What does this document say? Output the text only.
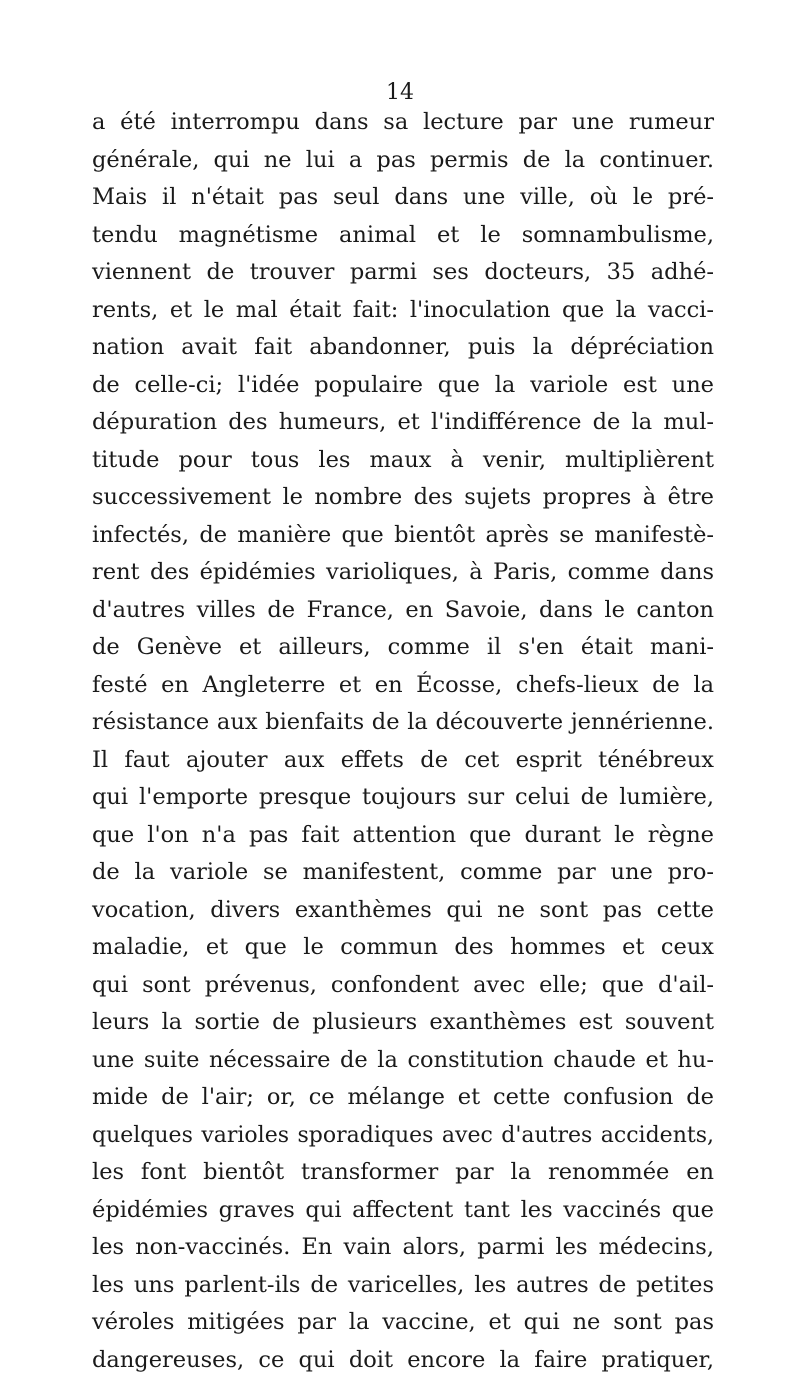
14
a été interrompu dans sa lecture par une rumeur
générale, qui ne lui a pas permis de la continuer.
Mais il n'était pas seul dans une ville, où le pré-
tendu magnétisme animal et le somnambulisme,
viennent de trouver parmi ses docteurs, 35 adhé-
rents, et le mal était fait: l'inoculation que la vacci-
nation avait fait abandonner, puis la dépréciation
de celle-ci; l'idée populaire que la variole est une
dépuration des humeurs, et l'indifférence de la mul-
titude pour tous les maux à venir, multiplièrent
successivement le nombre des sujets propres à être
infectés, de manière que bientôt après se manifestè-
rent des épidémies varioliques, à Paris, comme dans
d'autres villes de France, en Savoie, dans le canton
de Genève et ailleurs, comme il s'en était mani-
festé en Angleterre et en Écosse, chefs-lieux de la
résistance aux bienfaits de la découverte jennérienne.
Il faut ajouter aux effets de cet esprit ténébreux
qui l'emporte presque toujours sur celui de lumière,
que l'on n'a pas fait attention que durant le règne
de la variole se manifestent, comme par une pro-
vocation, divers exanthèmes qui ne sont pas cette
maladie, et que le commun des hommes et ceux
qui sont prévenus, confondent avec elle; que d'ail-
leurs la sortie de plusieurs exanthèmes est souvent
une suite nécessaire de la constitution chaude et hu-
mide de l'air; or, ce mélange et cette confusion de
quelques varioles sporadiques avec d'autres accidents,
les font bientôt transformer par la renommée en
épidémies graves qui affectent tant les vaccinés que
les non-vaccinés. En vain alors, parmi les médecins,
les uns parlent-ils de varicelles, les autres de petites
véroles mitigées par la vaccine, et qui ne sont pas
dangereuses, ce qui doit encore la faire pratiquer,
